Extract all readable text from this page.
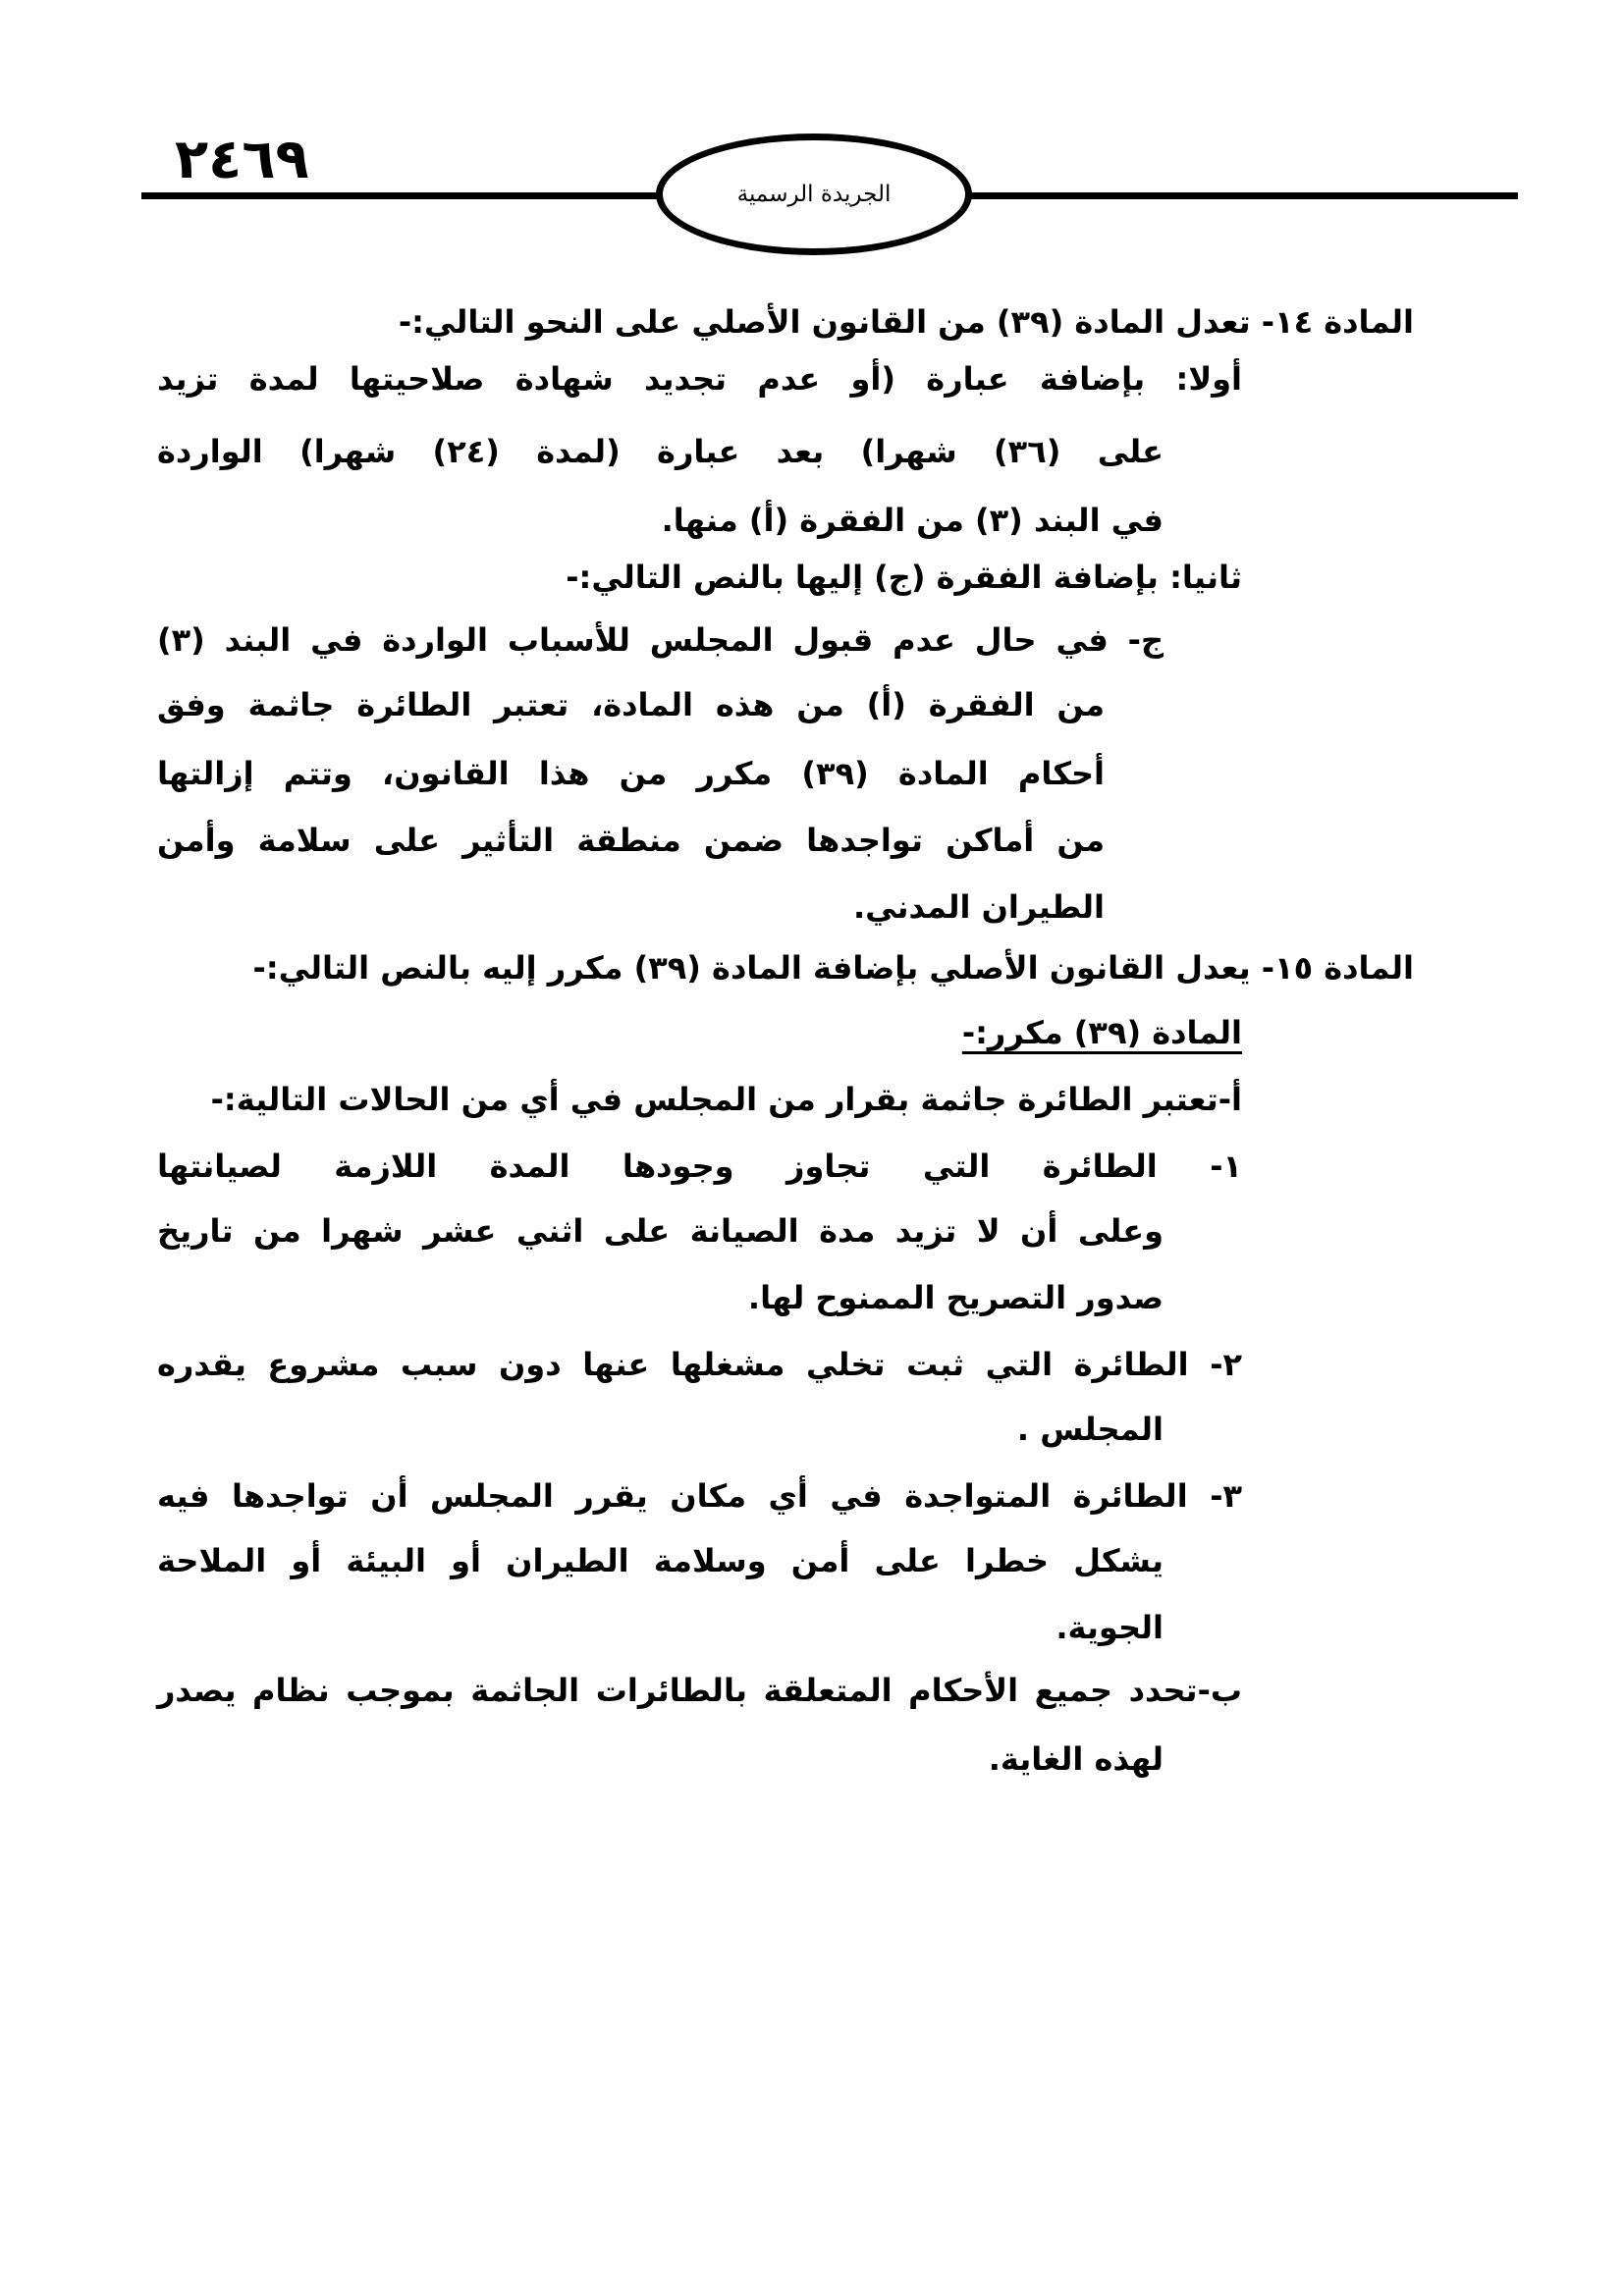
٢٤٦٩
الجريدة الرسمية
المادة ١٤- تعدل المادة (٣٩) من القانون الأصلي على النحو التالي:-
أولا: بإضافة عبارة (أو عدم تجديد شهادة صلاحيتها لمدة تزيد
على (٣٦) شهرا) بعد عبارة (لمدة (٢٤) شهرا) الواردة
في البند (٣) من الفقرة (أ) منها.
ثانيا: بإضافة الفقرة (ج) إليها بالنص التالي:-
ج- في حال عدم قبول المجلس للأسباب الواردة في البند (٣)
من الفقرة (أ) من هذه المادة، تعتبر الطائرة جاثمة وفق
أحكام المادة (٣٩) مكرر من هذا القانون، وتتم إزالتها
من أماكن تواجدها ضمن منطقة التأثير على سلامة وأمن
الطيران المدني.
المادة ١٥- يعدل القانون الأصلي بإضافة المادة (٣٩) مكرر إليه بالنص التالي:-
المادة (٣٩) مكرر:-
أ-تعتبر الطائرة جاثمة بقرار من المجلس في أي من الحالات التالية:-
١- الطائرة التي تجاوز وجودها المدة اللازمة لصيانتها
وعلى أن لا تزيد مدة الصيانة على اثني عشر شهرا من تاريخ
صدور التصريح الممنوح لها.
٢- الطائرة التي ثبت تخلي مشغلها عنها دون سبب مشروع يقدره
المجلس .
٣- الطائرة المتواجدة في أي مكان يقرر المجلس أن تواجدها فيه
يشكل خطرا على أمن وسلامة الطيران أو البيئة أو الملاحة
الجوية.
ب-تحدد جميع الأحكام المتعلقة بالطائرات الجاثمة بموجب نظام يصدر
لهذه الغاية.
